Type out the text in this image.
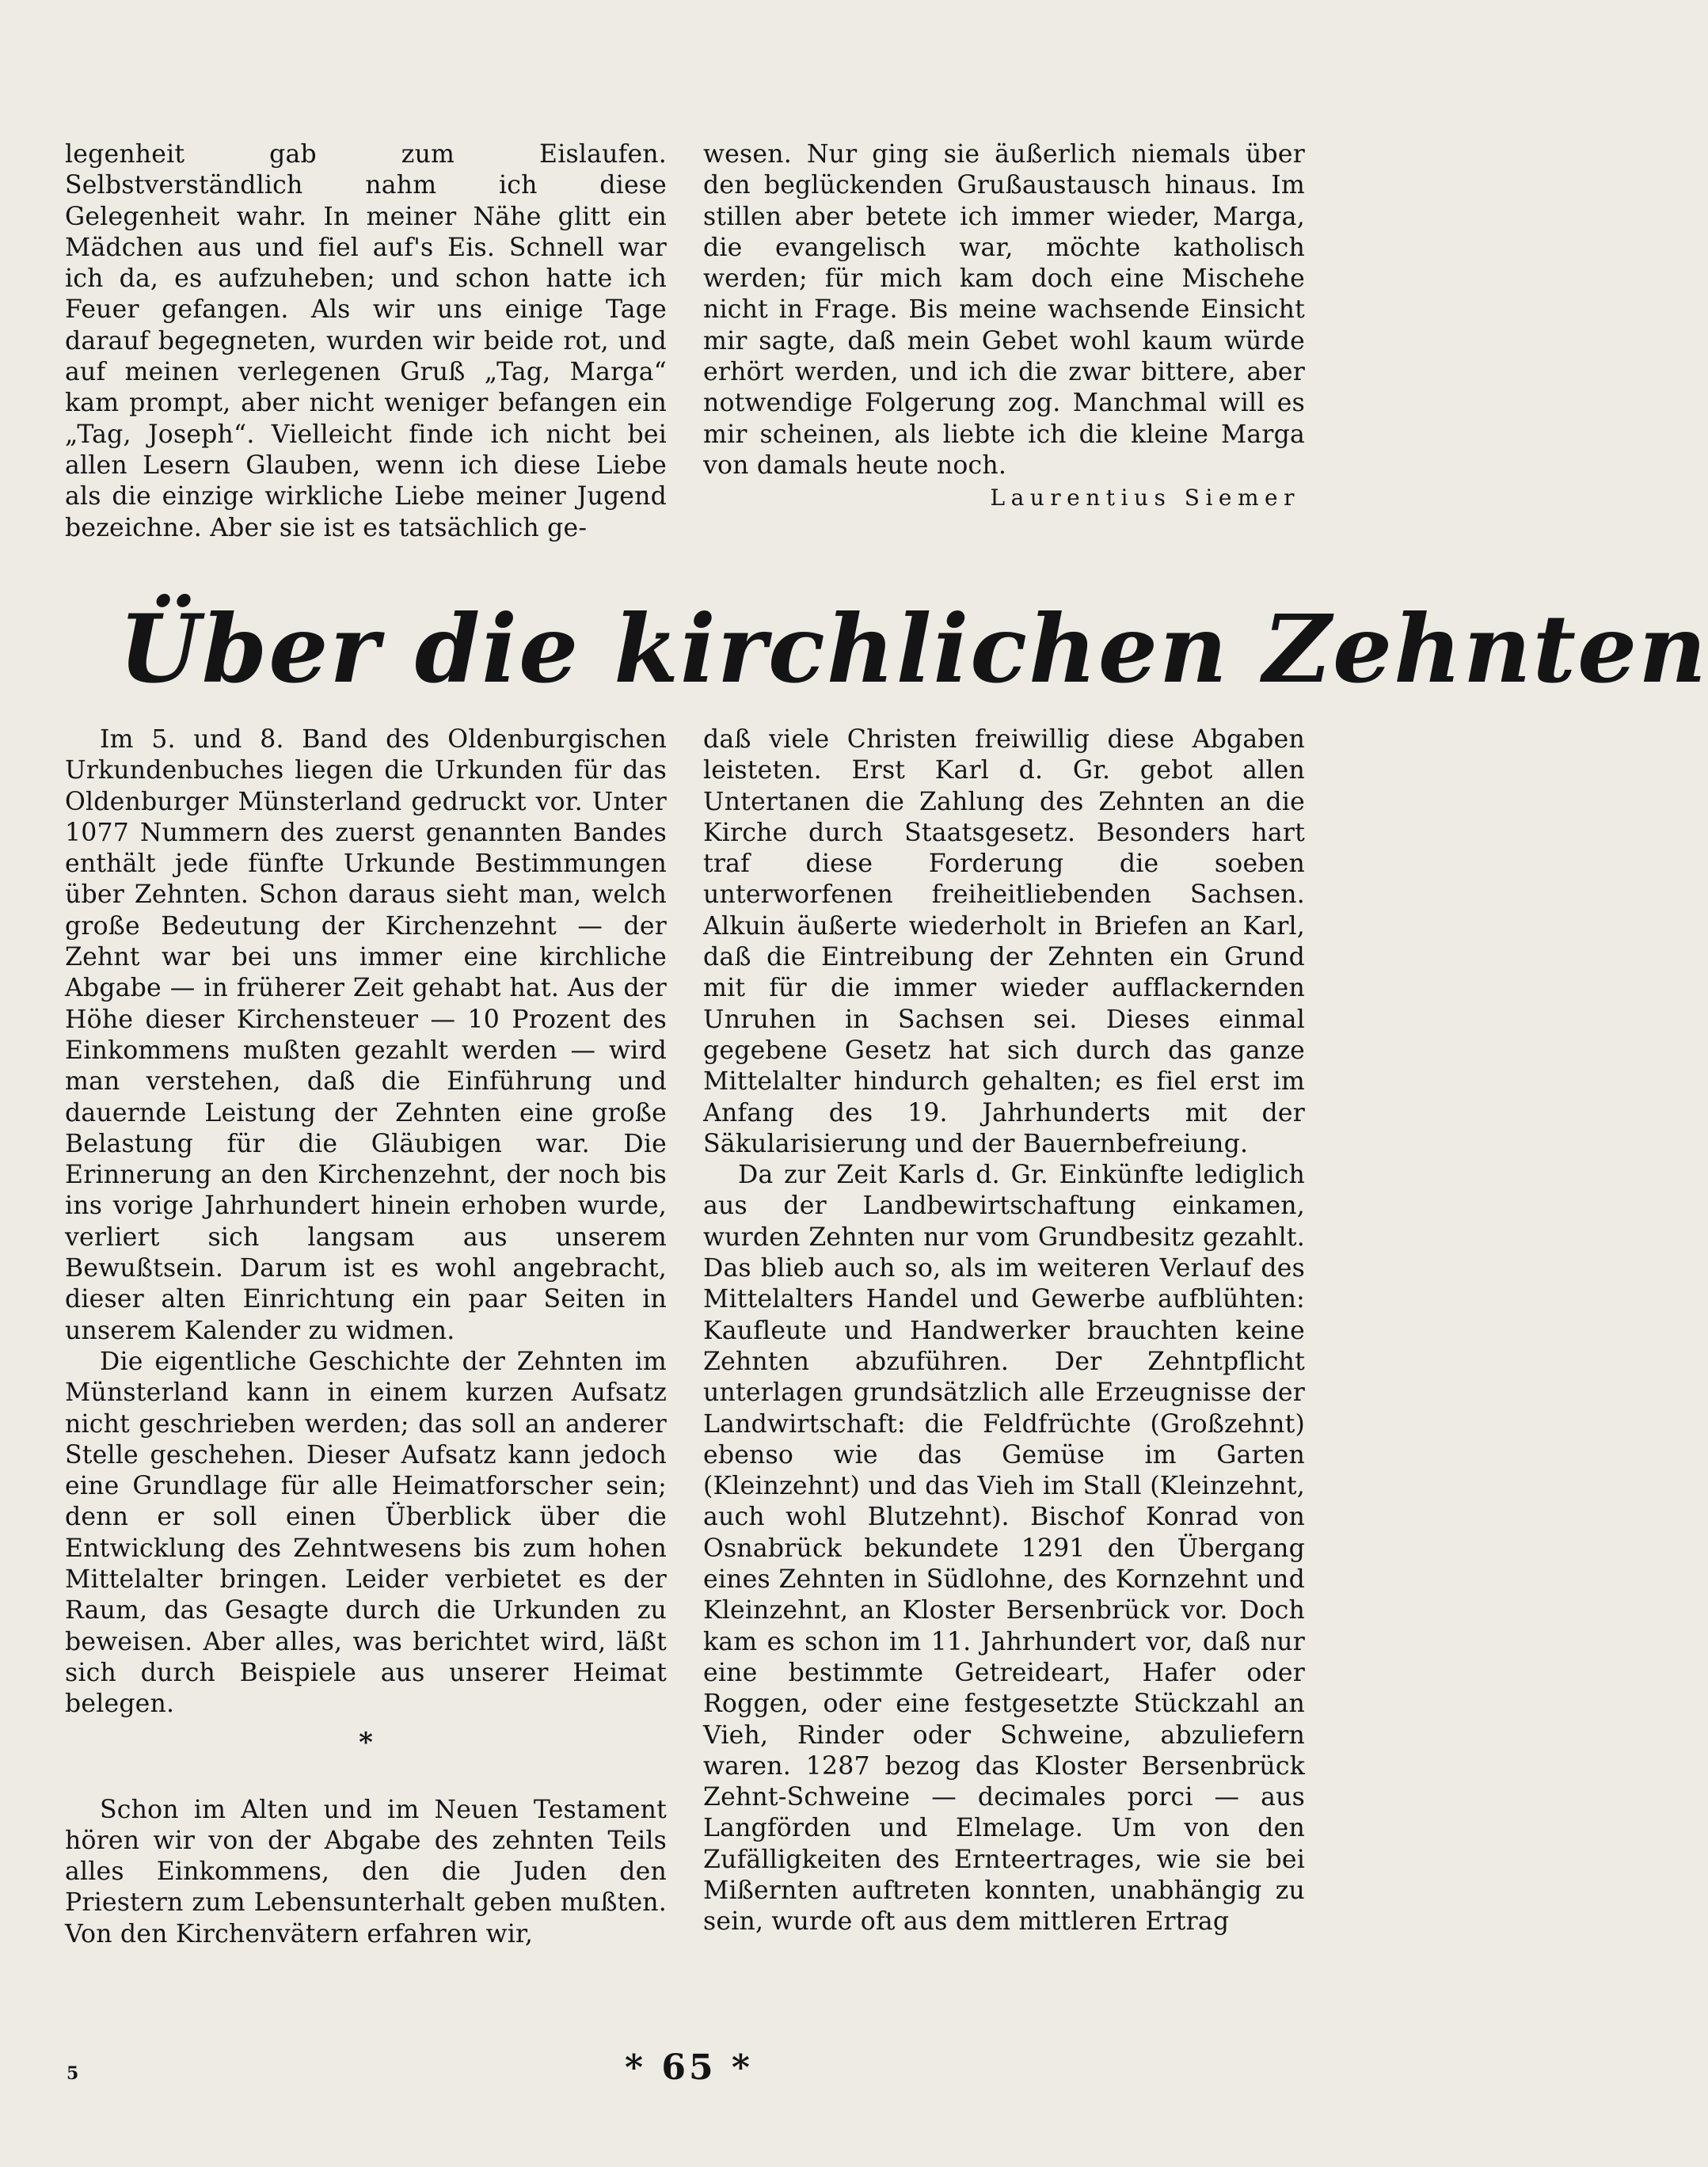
legenheit gab zum Eislaufen. Selbstverständlich nahm ich diese Gelegenheit wahr. In meiner Nähe glitt ein Mädchen aus und fiel auf's Eis. Schnell war ich da, es aufzuheben; und schon hatte ich Feuer gefangen. Als wir uns einige Tage darauf begegneten, wurden wir beide rot, und auf meinen verlegenen Gruß „Tag, Marga“ kam prompt, aber nicht weniger befangen ein „Tag, Joseph“. Vielleicht finde ich nicht bei allen Lesern Glauben, wenn ich diese Liebe als die einzige wirkliche Liebe meiner Jugend bezeichne. Aber sie ist es tatsächlich ge-

wesen. Nur ging sie äußerlich niemals über den beglückenden Grußaustausch hinaus. Im stillen aber betete ich immer wieder, Marga, die evangelisch war, möchte katholisch werden; für mich kam doch eine Mischehe nicht in Frage. Bis meine wachsende Einsicht mir sagte, daß mein Gebet wohl kaum würde erhört werden, und ich die zwar bittere, aber notwendige Folgerung zog. Manchmal will es mir scheinen, als liebte ich die kleine Marga von damals heute noch.

Laurentius Siemer
Über die kirchlichen Zehnten

Im 5. und 8. Band des Oldenburgischen Urkundenbuches liegen die Urkunden für das Oldenburger Münsterland gedruckt vor. Unter 1077 Nummern des zuerst genannten Bandes enthält jede fünfte Urkunde Bestimmungen über Zehnten. Schon daraus sieht man, welch große Bedeutung der Kirchenzehnt — der Zehnt war bei uns immer eine kirchliche Abgabe — in früherer Zeit gehabt hat. Aus der Höhe dieser Kirchensteuer — 10 Prozent des Einkommens mußten gezahlt werden — wird man verstehen, daß die Einführung und dauernde Leistung der Zehnten eine große Belastung für die Gläubigen war. Die Erinnerung an den Kirchenzehnt, der noch bis ins vorige Jahrhundert hinein erhoben wurde, verliert sich langsam aus unserem Bewußtsein. Darum ist es wohl angebracht, dieser alten Einrichtung ein paar Seiten in unserem Kalender zu widmen.

Die eigentliche Geschichte der Zehnten im Münsterland kann in einem kurzen Aufsatz nicht geschrieben werden; das soll an anderer Stelle geschehen. Dieser Aufsatz kann jedoch eine Grundlage für alle Heimatforscher sein; denn er soll einen Überblick über die Entwicklung des Zehntwesens bis zum hohen Mittelalter bringen. Leider verbietet es der Raum, das Gesagte durch die Urkunden zu beweisen. Aber alles, was berichtet wird, läßt sich durch Beispiele aus unserer Heimat belegen.

*

Schon im Alten und im Neuen Testament hören wir von der Abgabe des zehnten Teils alles Einkommens, den die Juden den Priestern zum Lebensunterhalt geben mußten. Von den Kirchenvätern erfahren wir,

daß viele Christen freiwillig diese Abgaben leisteten. Erst Karl d. Gr. gebot allen Untertanen die Zahlung des Zehnten an die Kirche durch Staatsgesetz. Besonders hart traf diese Forderung die soeben unterworfenen freiheitliebenden Sachsen. Alkuin äußerte wiederholt in Briefen an Karl, daß die Eintreibung der Zehnten ein Grund mit für die immer wieder aufflackernden Unruhen in Sachsen sei. Dieses einmal gegebene Gesetz hat sich durch das ganze Mittelalter hindurch gehalten; es fiel erst im Anfang des 19. Jahrhunderts mit der Säkularisierung und der Bauernbefreiung.

Da zur Zeit Karls d. Gr. Einkünfte lediglich aus der Landbewirtschaftung einkamen, wurden Zehnten nur vom Grundbesitz gezahlt. Das blieb auch so, als im weiteren Verlauf des Mittelalters Handel und Gewerbe aufblühten: Kaufleute und Handwerker brauchten keine Zehnten abzuführen. Der Zehntpflicht unterlagen grundsätzlich alle Erzeugnisse der Landwirtschaft: die Feldfrüchte (Großzehnt) ebenso wie das Gemüse im Garten (Kleinzehnt) und das Vieh im Stall (Kleinzehnt, auch wohl Blutzehnt). Bischof Konrad von Osnabrück bekundete 1291 den Übergang eines Zehnten in Südlohne, des Kornzehnt und Kleinzehnt, an Kloster Bersenbrück vor. Doch kam es schon im 11. Jahrhundert vor, daß nur eine bestimmte Getreideart, Hafer oder Roggen, oder eine festgesetzte Stückzahl an Vieh, Rinder oder Schweine, abzuliefern waren. 1287 bezog das Kloster Bersenbrück Zehnt-Schweine — decimales porci — aus Langförden und Elmelage. Um von den Zufälligkeiten des Ernteertrages, wie sie bei Mißernten auftreten konnten, unabhängig zu sein, wurde oft aus dem mittleren Ertrag

5	* 65 *
